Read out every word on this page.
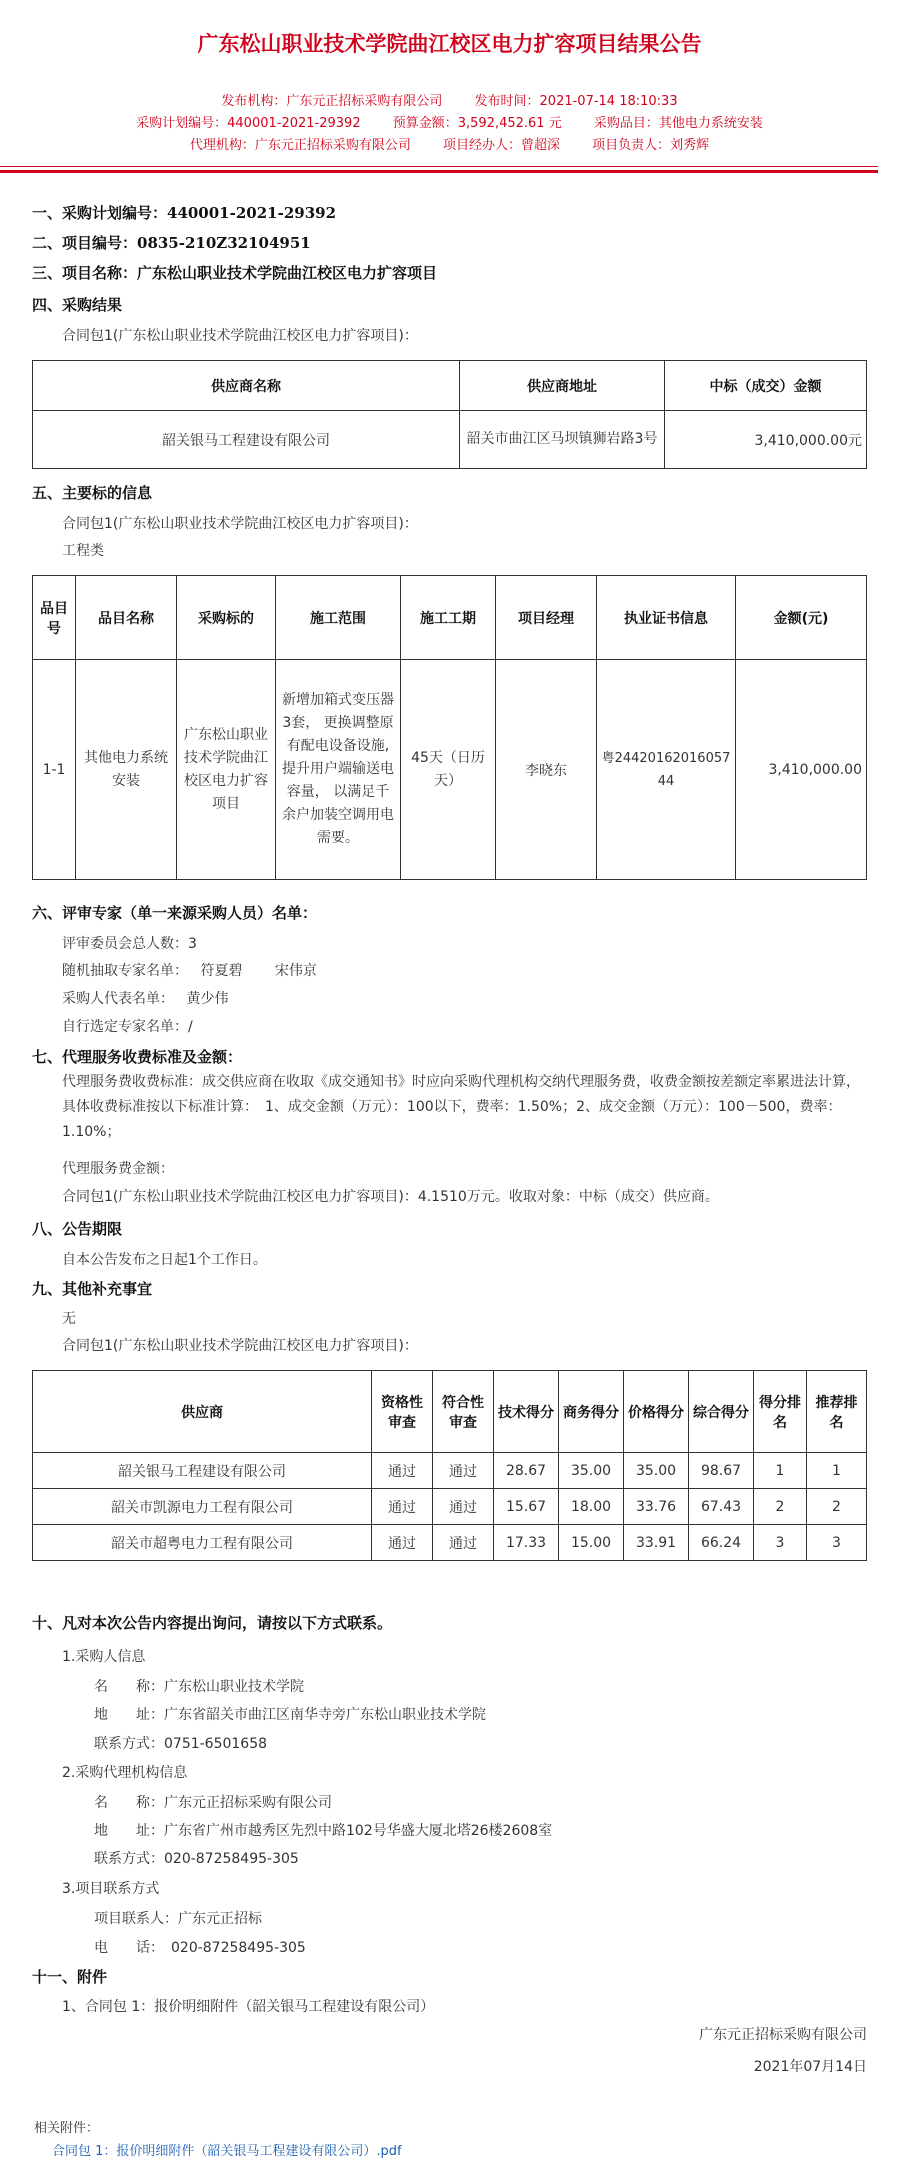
广东松山职业技术学院曲江校区电力扩容项目结果公告
发布机构：广东元正招标采购有限公司 发布时间：2021-07-14 18:10:33
采购计划编号：440001-2021-29392 预算金额：3,592,452.61 元 采购品目：其他电力系统安装
代理机构：广东元正招标采购有限公司 项目经办人：曾超深 项目负责人：刘秀辉
一、采购计划编号：440001-2021-29392
二、项目编号：0835-210Z32104951
三、项目名称：广东松山职业技术学院曲江校区电力扩容项目
四、采购结果
合同包1(广东松山职业技术学院曲江校区电力扩容项目)：
供应商名称	供应商地址	中标（成交）金额
韶关银马工程建设有限公司	韶关市曲江区马坝镇狮岩路3号	3,410,000.00元
五、主要标的信息
合同包1(广东松山职业技术学院曲江校区电力扩容项目)：
工程类
品目号	品目名称	采购标的	施工范围	施工工期	项目经理	执业证书信息	金额(元)
1-1	其他电力系统安装	广东松山职业技术学院曲江校区电力扩容项目	新增加箱式变压器3套， 更换调整原有配电设备设施,提升用户端输送电容量， 以满足千余户加装空调用电需要。	45天（日历天）	李晓东	粤2442016201605744	3,410,000.00
六、评审专家（单一来源采购人员）名单：
评审委员会总人数：3
随机抽取专家名单： 符夏碧 宋伟京
采购人代表名单： 黄少伟
自行选定专家名单：/
七、代理服务收费标准及金额：
代理服务费收费标准：成交供应商在收取《成交通知书》时应向采购代理机构交纳代理服务费，收费金额按差额定率累进法计算，具体收费标准按以下标准计算：　1、成交金额（万元）：100以下，费率：1.50%；2、成交金额（万元）：100－500，费率：1.10%；
代理服务费金额：
合同包1(广东松山职业技术学院曲江校区电力扩容项目)：4.1510万元。收取对象：中标（成交）供应商。
八、公告期限
自本公告发布之日起1个工作日。
九、其他补充事宜
无
合同包1(广东松山职业技术学院曲江校区电力扩容项目)：
供应商	资格性审查	符合性审查	技术得分	商务得分	价格得分	综合得分	得分排名	推荐排名
韶关银马工程建设有限公司	通过	通过	28.67	35.00	35.00	98.67	1	1
韶关市凯源电力工程有限公司	通过	通过	15.67	18.00	33.76	67.43	2	2
韶关市超粤电力工程有限公司	通过	通过	17.33	15.00	33.91	66.24	3	3
十、凡对本次公告内容提出询问，请按以下方式联系。
1.采购人信息
名　　称：广东松山职业技术学院
地　　址：广东省韶关市曲江区南华寺旁广东松山职业技术学院
联系方式：0751-6501658
2.采购代理机构信息
名　　称：广东元正招标采购有限公司
地　　址：广东省广州市越秀区先烈中路102号华盛大厦北塔26楼2608室
联系方式：020-87258495-305
3.项目联系方式
项目联系人：广东元正招标
电　　话：　020-87258495-305
十一、附件
1、合同包 1：报价明细附件（韶关银马工程建设有限公司）
广东元正招标采购有限公司
2021年07月14日
相关附件：
合同包 1：报价明细附件（韶关银马工程建设有限公司）.pdf
